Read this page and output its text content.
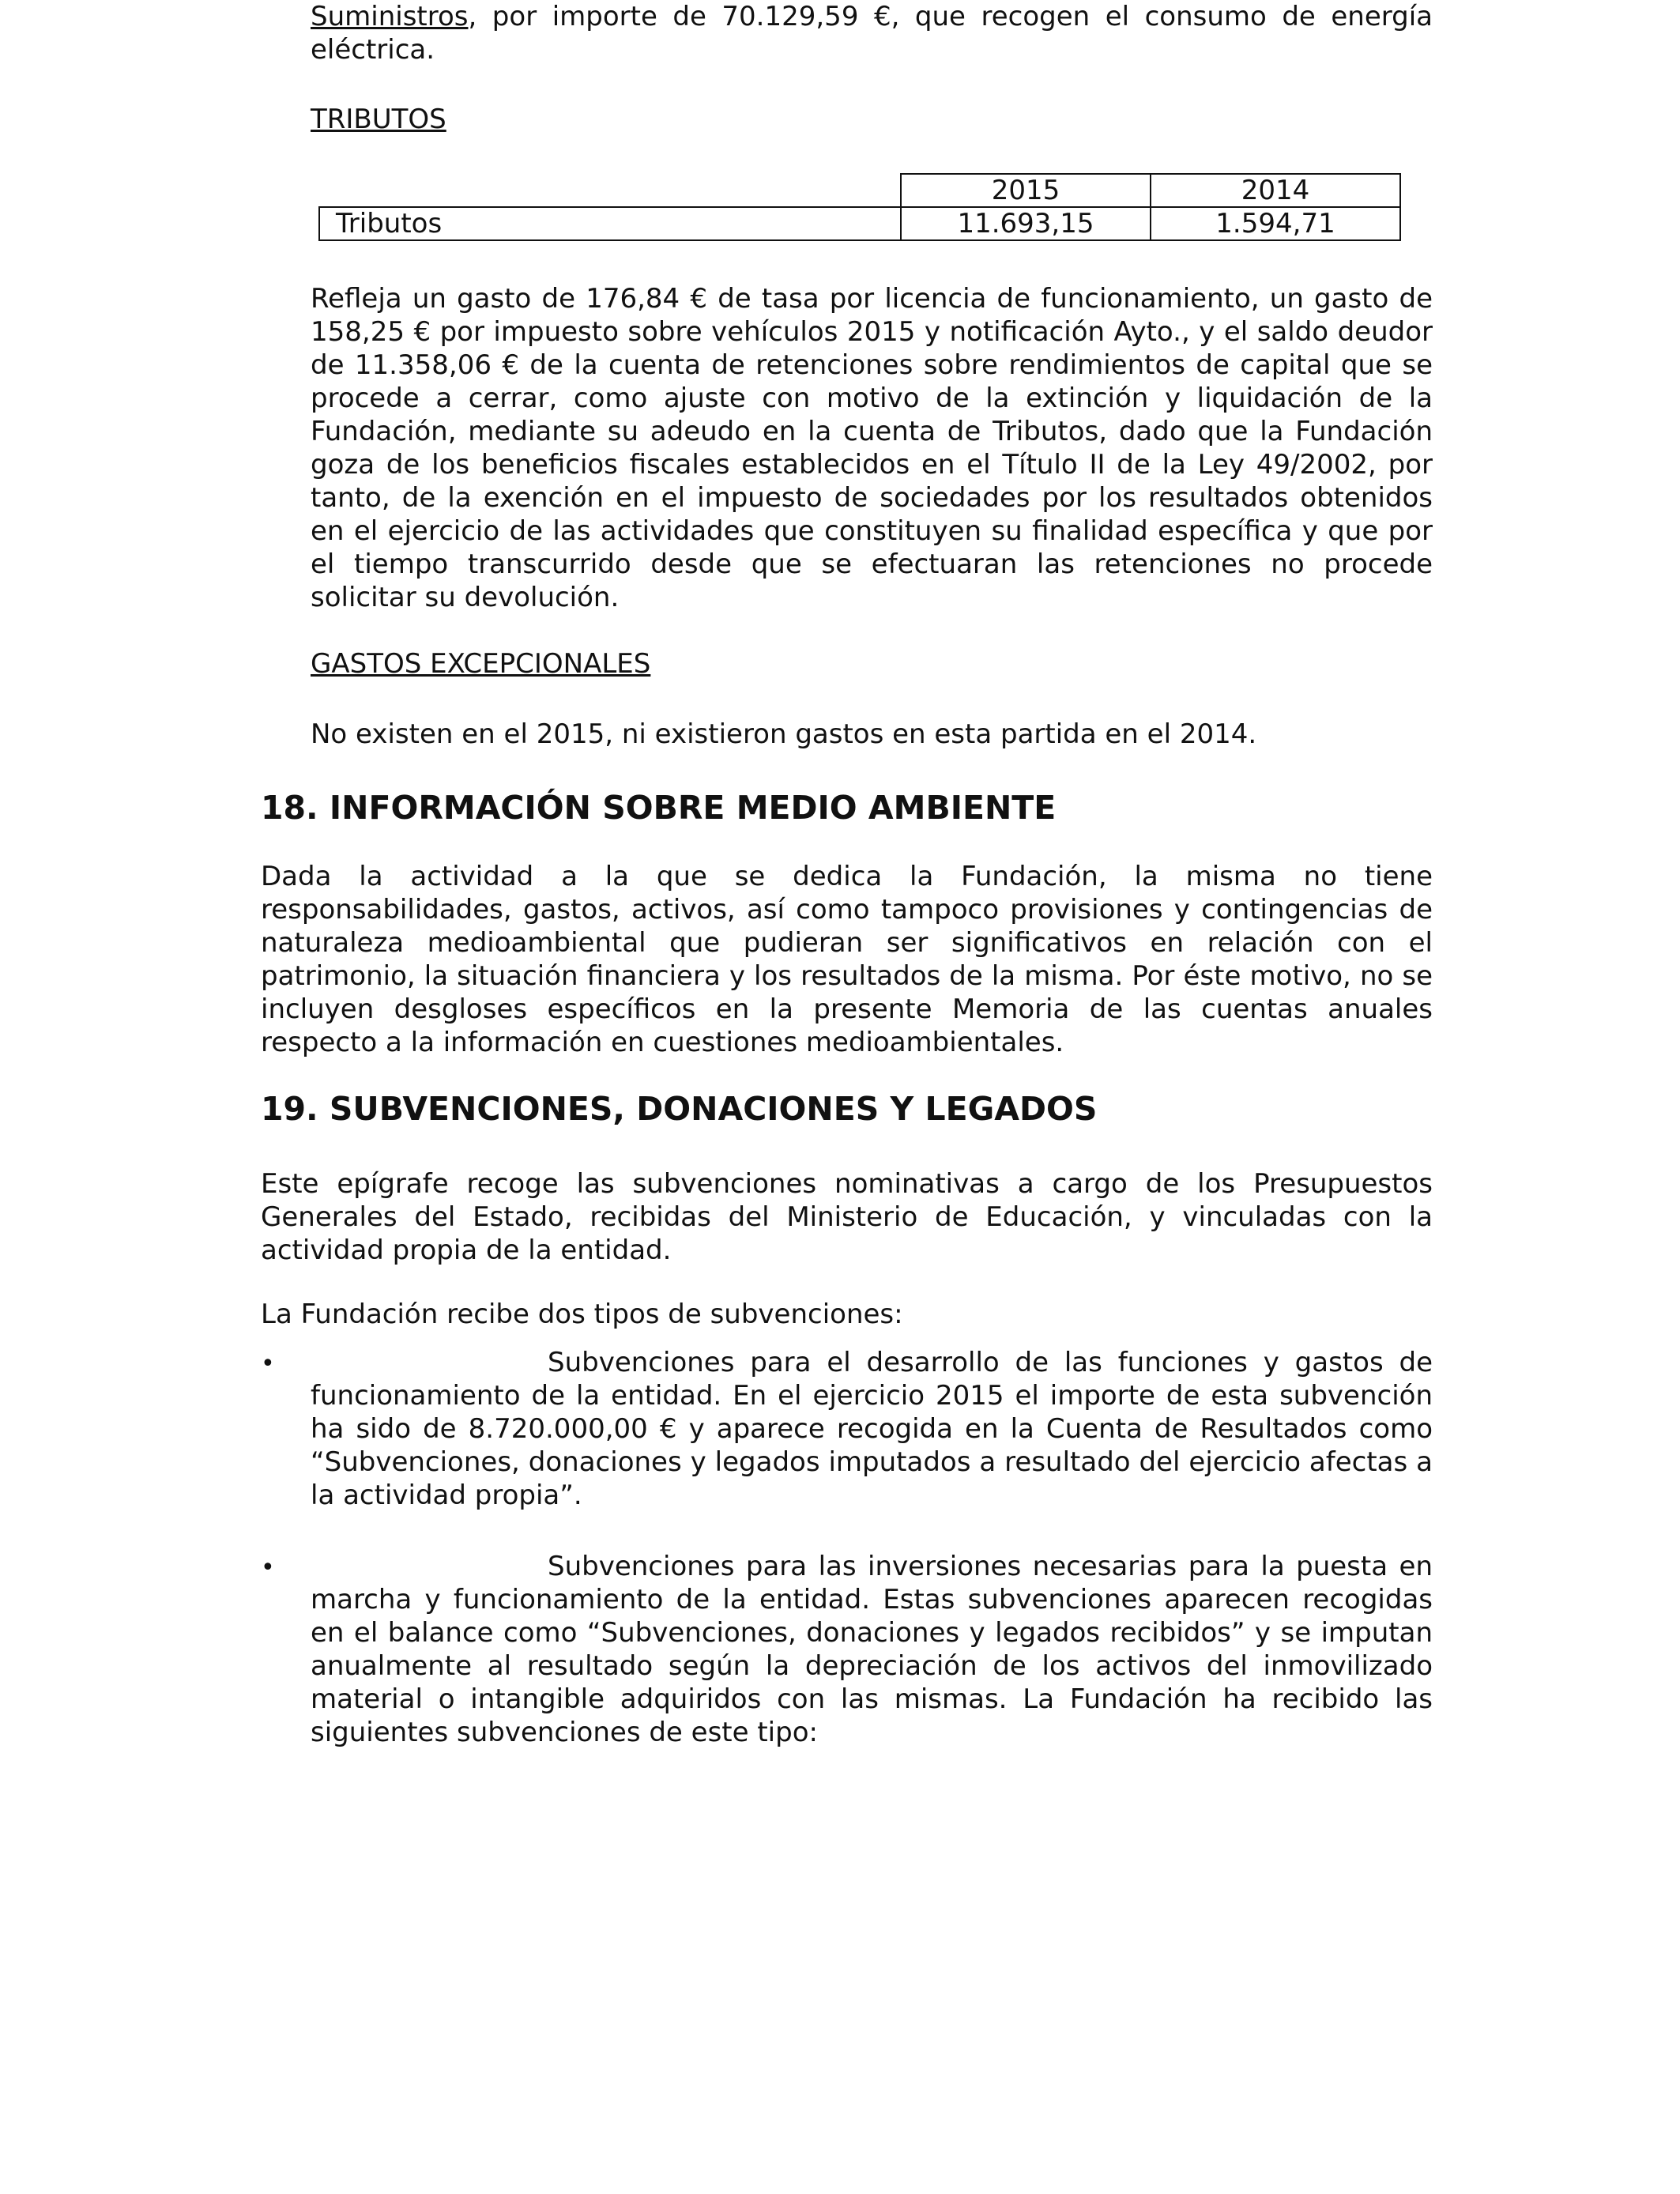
Suministros, por importe de 70.129,59 €, que recogen el consumo de energía eléctrica.

TRIBUTOS

	2015	2014
Tributos	11.693,15	1.594,71

Refleja un gasto de 176,84 € de tasa por licencia de funcionamiento, un gasto de 158,25 € por impuesto sobre vehículos 2015 y notificación Ayto., y el saldo deudor de 11.358,06 € de la cuenta de retenciones sobre rendimientos de capital que se procede a cerrar, como ajuste con motivo de la extinción y liquidación de la Fundación, mediante su adeudo en la cuenta de Tributos, dado que la Fundación goza de los beneficios fiscales establecidos en el Título II de la Ley 49/2002, por tanto, de la exención en el impuesto de sociedades por los resultados obtenidos en el ejercicio de las actividades que constituyen su finalidad específica y que por el tiempo transcurrido desde que se efectuaran las retenciones no procede solicitar su devolución.

GASTOS EXCEPCIONALES

No existen en el 2015, ni existieron gastos en esta partida en el 2014.

18. INFORMACIÓN SOBRE MEDIO AMBIENTE

Dada la actividad a la que se dedica la Fundación, la misma no tiene responsabilidades, gastos, activos, así como tampoco provisiones y contingencias de naturaleza medioambiental que pudieran ser significativos en relación con el patrimonio, la situación financiera y los resultados de la misma. Por éste motivo, no se incluyen desgloses específicos en la presente Memoria de las cuentas anuales respecto a la información en cuestiones medioambientales.

19. SUBVENCIONES, DONACIONES Y LEGADOS

Este epígrafe recoge las subvenciones nominativas a cargo de los Presupuestos Generales del Estado, recibidas del Ministerio de Educación, y vinculadas con la actividad propia de la entidad.

La Fundación recibe dos tipos de subvenciones:

•	Subvenciones para el desarrollo de las funciones y gastos de funcionamiento de la entidad. En el ejercicio 2015 el importe de esta subvención ha sido de 8.720.000,00 € y aparece recogida en la Cuenta de Resultados como “Subvenciones, donaciones y legados imputados a resultado del ejercicio afectas a la actividad propia”.

•	Subvenciones para las inversiones necesarias para la puesta en marcha y funcionamiento de la entidad. Estas subvenciones aparecen recogidas en el balance como “Subvenciones, donaciones y legados recibidos” y se imputan anualmente al resultado según la depreciación de los activos del inmovilizado material o intangible adquiridos con las mismas. La Fundación ha recibido las siguientes subvenciones de este tipo:
